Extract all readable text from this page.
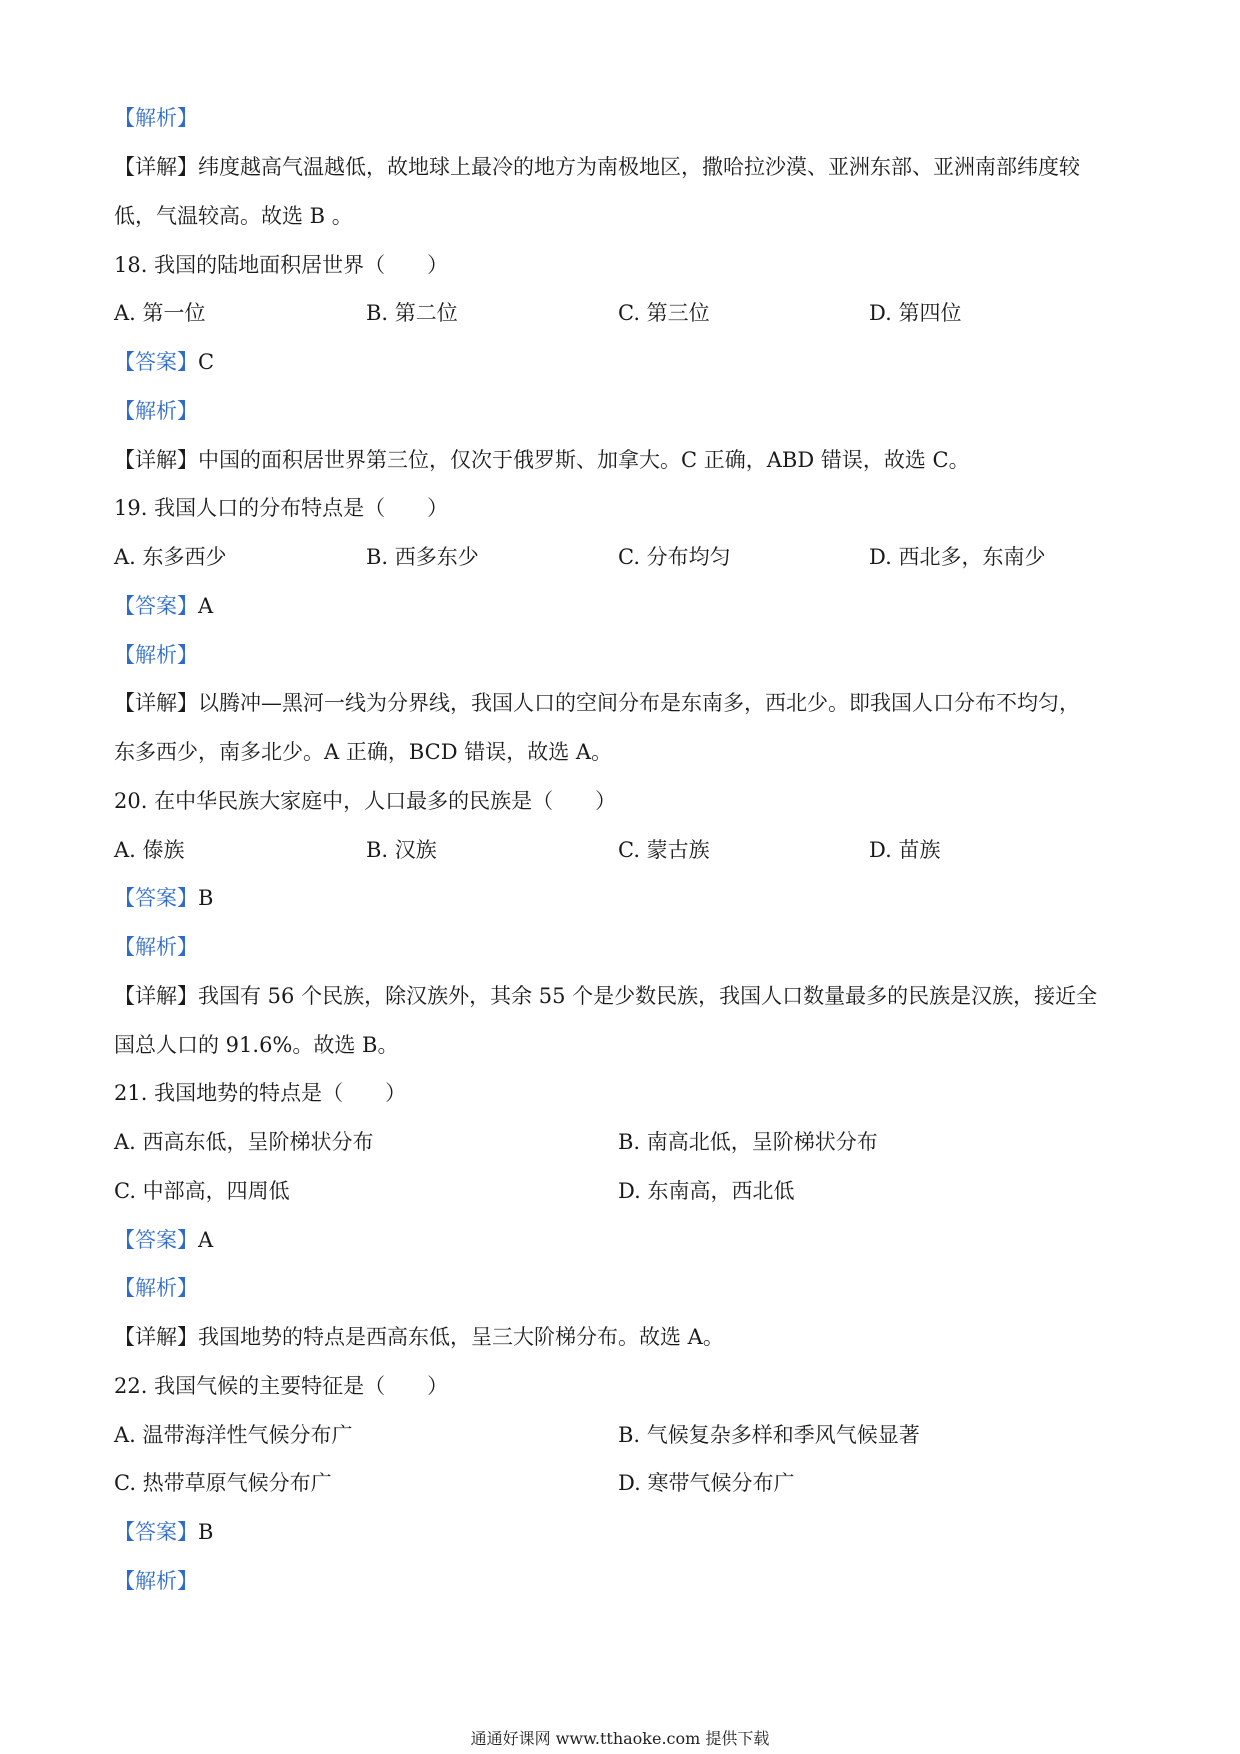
【解析】
【详解】纬度越高气温越低，故地球上最冷的地方为南极地区，撒哈拉沙漠、亚洲东部、亚洲南部纬度较
低，气温较高。故选 B 。
18. 我国的陆地面积居世界（　　）
A. 第一位	B. 第二位	C. 第三位	D. 第四位
【答案】C
【解析】
【详解】中国的面积居世界第三位，仅次于俄罗斯、加拿大。C 正确，ABD 错误，故选 C。
19. 我国人口的分布特点是（　　）
A. 东多西少	B. 西多东少	C. 分布均匀	D. 西北多，东南少
【答案】A
【解析】
【详解】以腾冲—黑河一线为分界线，我国人口的空间分布是东南多，西北少。即我国人口分布不均匀，
东多西少，南多北少。A 正确，BCD 错误，故选 A。
20. 在中华民族大家庭中，人口最多的民族是（　　）
A. 傣族	B. 汉族	C. 蒙古族	D. 苗族
【答案】B
【解析】
【详解】我国有 56 个民族，除汉族外，其余 55 个是少数民族，我国人口数量最多的民族是汉族，接近全
国总人口的 91.6%。故选 B。
21. 我国地势的特点是（　　）
A. 西高东低，呈阶梯状分布	B. 南高北低，呈阶梯状分布
C. 中部高，四周低	D. 东南高，西北低
【答案】A
【解析】
【详解】我国地势的特点是西高东低，呈三大阶梯分布。故选 A。
22. 我国气候的主要特征是（　　）
A. 温带海洋性气候分布广	B. 气候复杂多样和季风气候显著
C. 热带草原气候分布广	D. 寒带气候分布广
【答案】B
【解析】
通通好课网 www.tthaoke.com 提供下载
